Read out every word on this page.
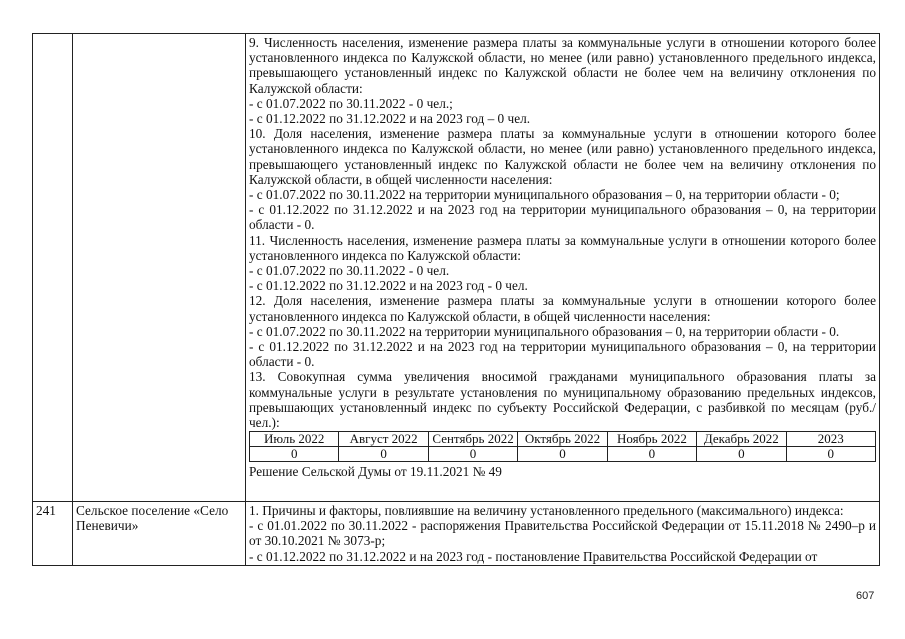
9. Численность населения, изменение размера платы за коммунальные услуги в отношении которого более установленного индекса по Калужской области, но менее (или равно) установленного предельного индекса, превышающего установленный индекс по Калужской области не более чем на величину отклонения по Калужской области:
- с 01.07.2022 по 30.11.2022 - 0 чел.;
- с 01.12.2022 по 31.12.2022 и на 2023 год – 0 чел.
10. Доля населения, изменение размера платы за коммунальные услуги в отношении которого более установленного индекса по Калужской области, но менее (или равно) установленного предельного индекса, превышающего установленный индекс по Калужской области не более чем на величину отклонения по Калужской области, в общей численности населения:
- с 01.07.2022 по 30.11.2022 на территории муниципального образования – 0, на территории области - 0;
- с 01.12.2022 по 31.12.2022 и на 2023 год на территории муниципального образования – 0, на территории области - 0.
11. Численность населения, изменение размера платы за коммунальные услуги в отношении которого более установленного индекса по Калужской области:
- с 01.07.2022 по 30.11.2022 - 0 чел.
- с 01.12.2022 по 31.12.2022 и на 2023 год - 0 чел.
12. Доля населения, изменение размера платы за коммунальные услуги в отношении которого более установленного индекса по Калужской области, в общей численности населения:
- с 01.07.2022 по 30.11.2022 на территории муниципального образования – 0, на территории области - 0.
- с 01.12.2022 по 31.12.2022 и на 2023 год на территории муниципального образования – 0, на территории области - 0.
13. Совокупная сумма увеличения вносимой гражданами муниципального образования платы за коммунальные услуги в результате установления по муниципальному образованию предельных индексов, превышающих установленный индекс по субъекту Российской Федерации, с разбивкой по месяцам (руб./чел.):
Июль 2022	Август 2022	Сентябрь 2022	Октябрь 2022	Ноябрь 2022	Декабрь 2022	2023
0	0	0	0	0	0	0
Решение Сельской Думы от 19.11.2021 № 49

241	Сельское поселение «Село Пеневичи»	
1. Причины и факторы, повлиявшие на величину установленного предельного (максимального) индекса:
- с 01.01.2022 по 30.11.2022 - распоряжения Правительства Российской Федерации от 15.11.2018 № 2490–р и от 30.10.2021 № 3073-р;
- с 01.12.2022 по 31.12.2022 и на 2023 год - постановление Правительства Российской Федерации от
607
